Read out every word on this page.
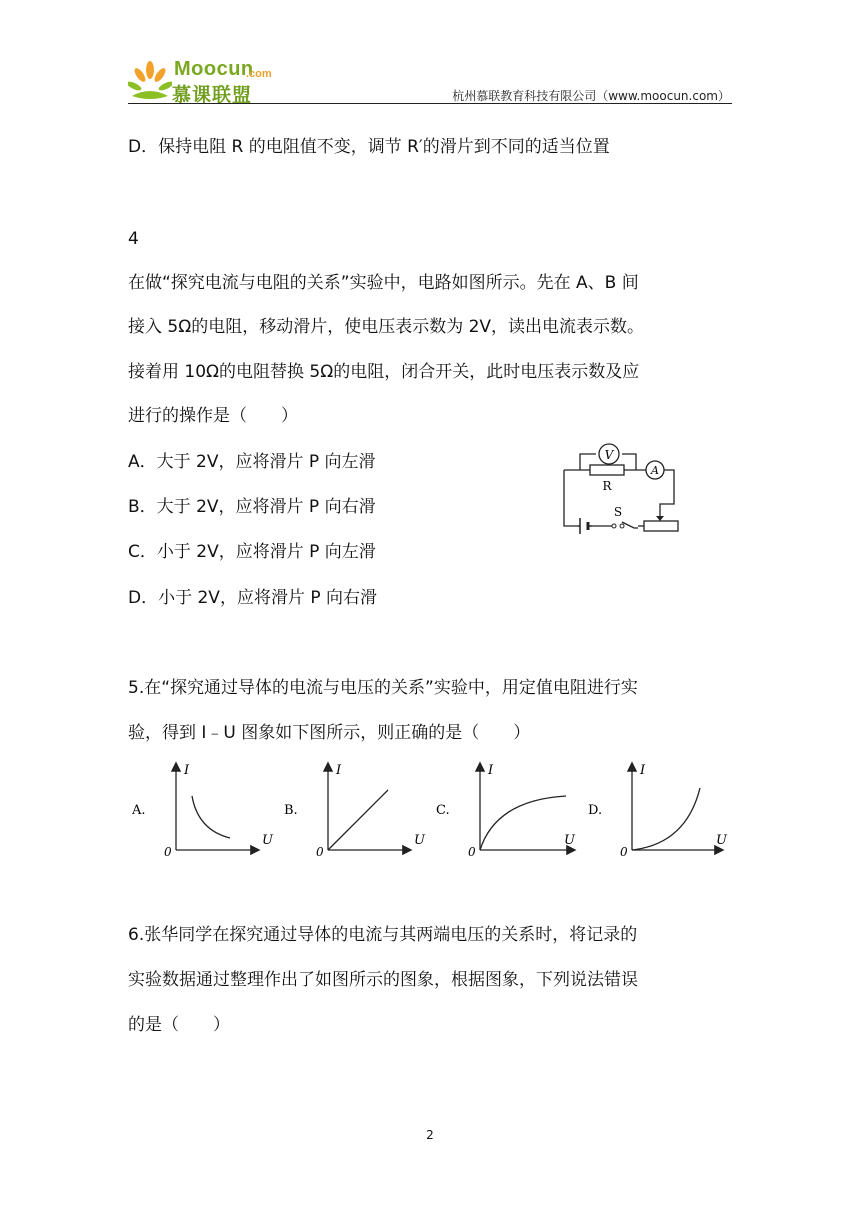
Moocun
.com
慕课联盟	杭州慕联教育科技有限公司（www.moocun.com）
D．保持电阻 R 的电阻值不变，调节 R′的滑片到不同的适当位置
4
在做“探究电流与电阻的关系”实验中，电路如图所示。先在 A、B 间
接入 5Ω的电阻，移动滑片，使电压表示数为 2V，读出电流表示数。
接着用 10Ω的电阻替换 5Ω的电阻，闭合开关，此时电压表示数及应
进行的操作是（　　）
A．大于 2V，应将滑片 P 向左滑
B．大于 2V，应将滑片 P 向右滑
C．小于 2V，应将滑片 P 向左滑
D．小于 2V，应将滑片 P 向右滑
V
R
A
S
5.在“探究通过导体的电流与电压的关系”实验中，用定值电阻进行实
验，得到 I﹣U 图象如下图所示，则正确的是（　　）
A.
I
U
0
B.
I
U
0
C.
I
U
0
D.
I
U
0
6.张华同学在探究通过导体的电流与其两端电压的关系时，将记录的
实验数据通过整理作出了如图所示的图象，根据图象，下列说法错误
的是（　　）
2
